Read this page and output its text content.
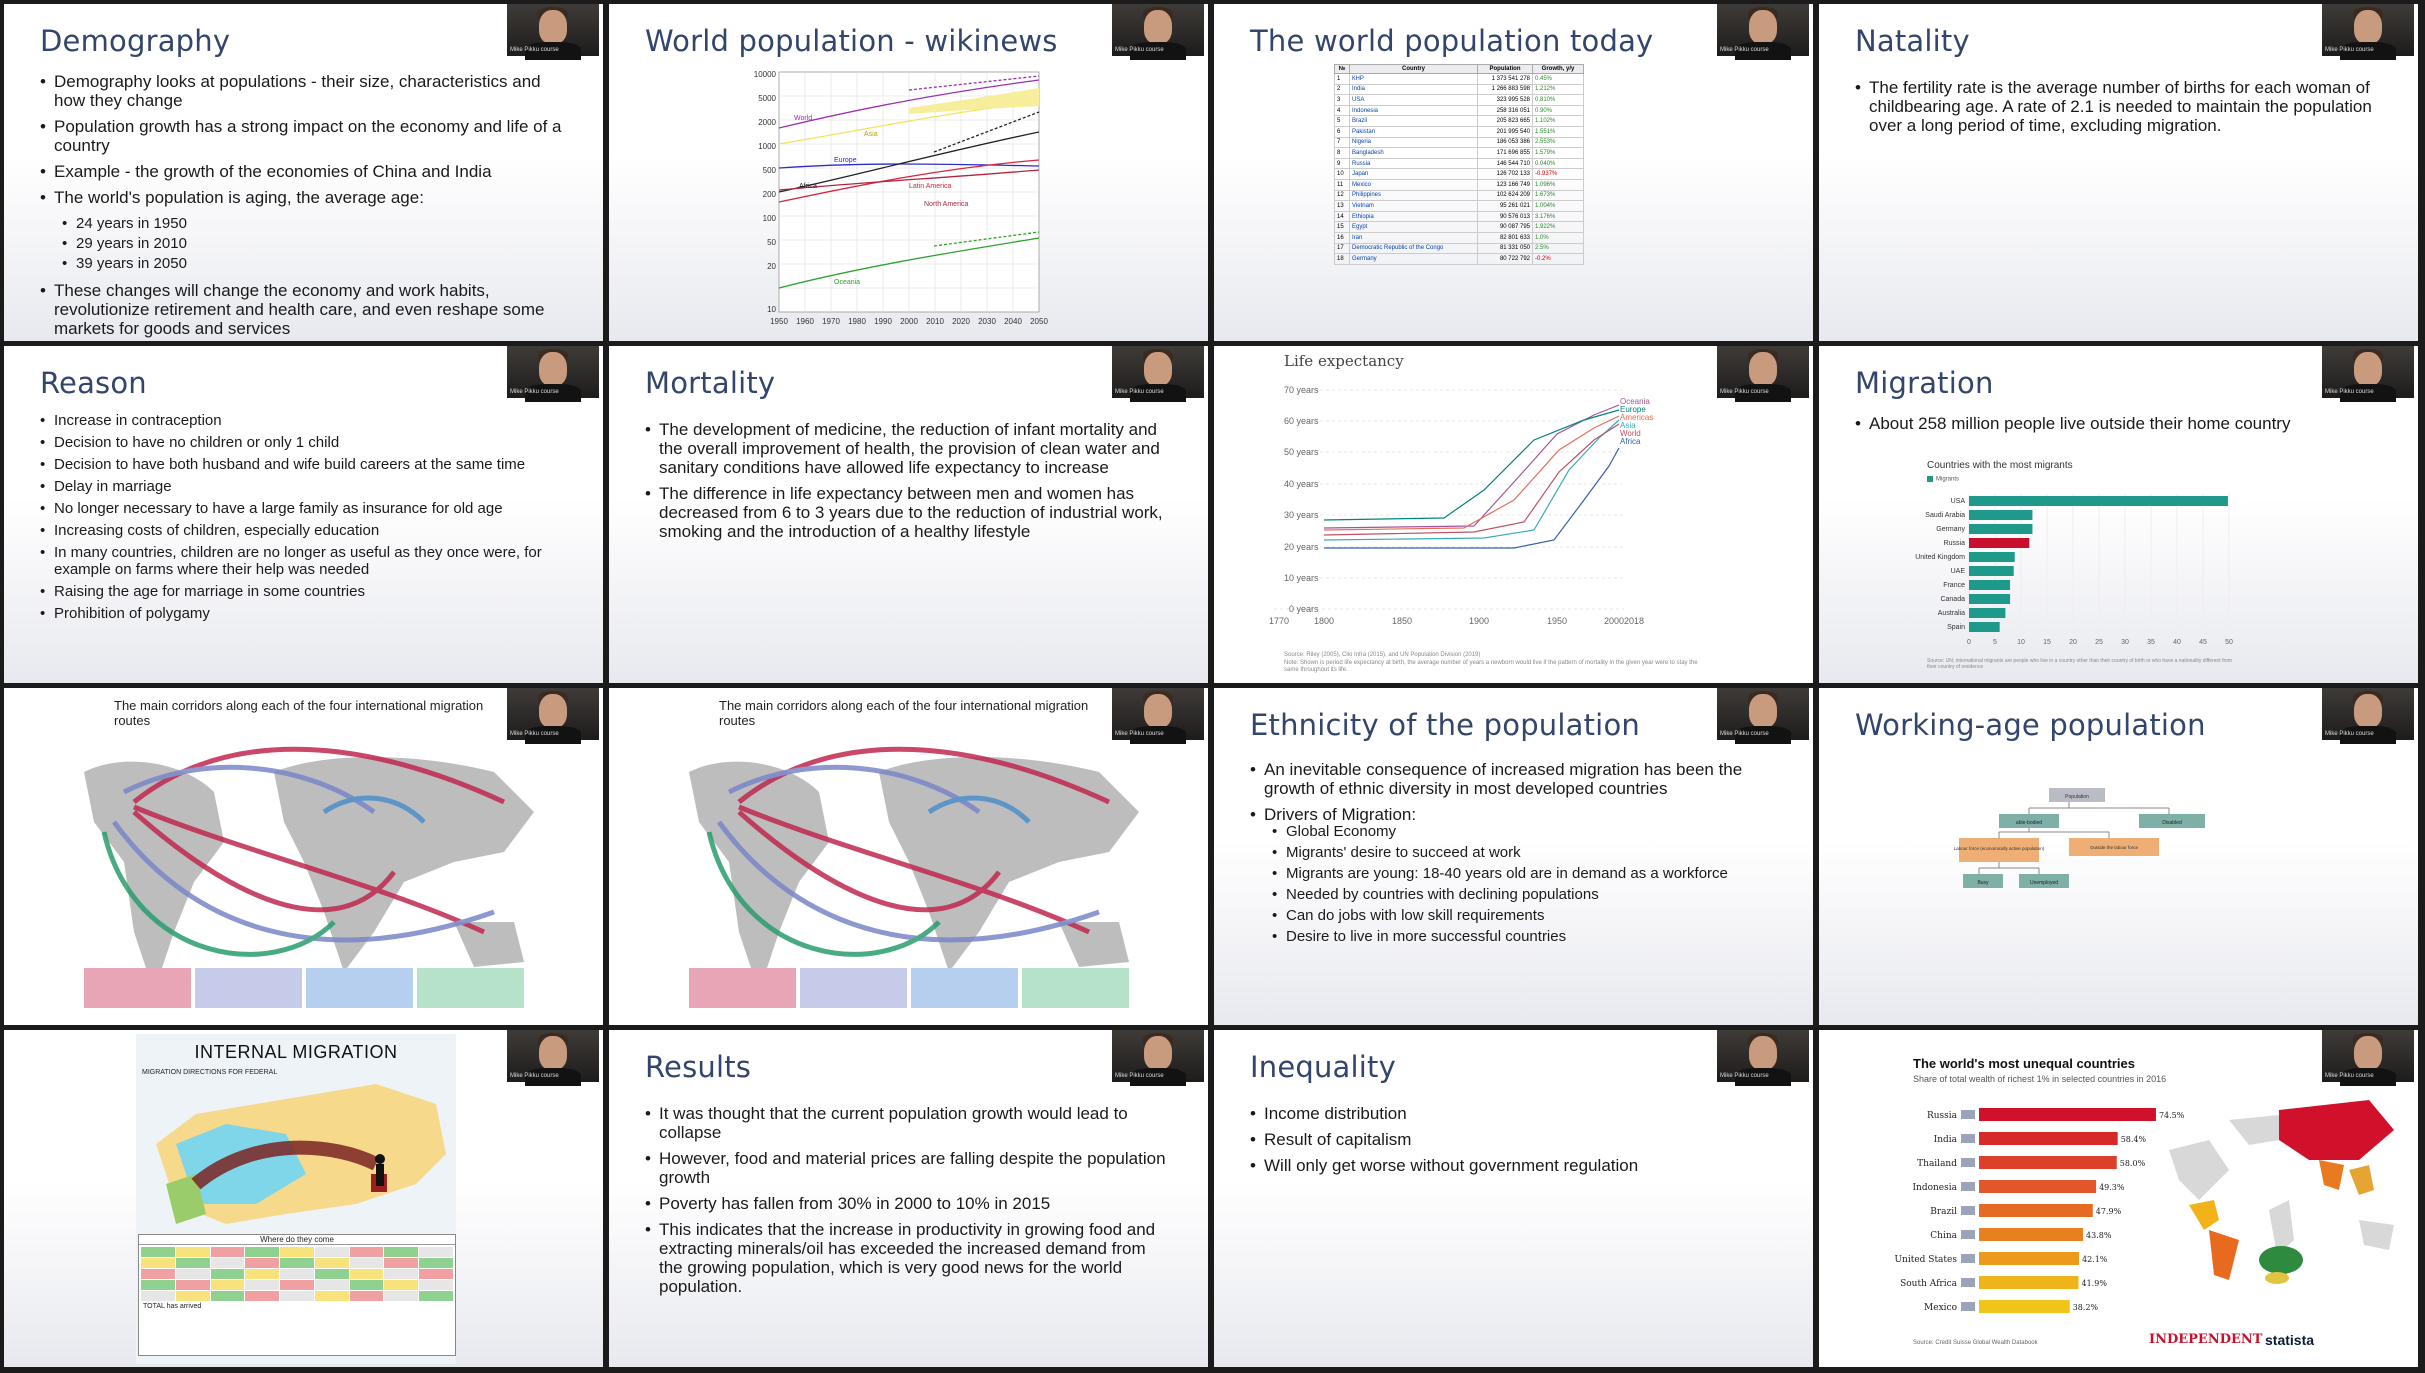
Demography	Mike Pikku course
• Demography looks at populations - their size, characteristics and how they change
• Population growth has a strong impact on the economy and life of a country
• Example - the growth of the economies of China and India
• The world's population is aging, the average age:
• 24 years in 1950
• 29 years in 2010
• 39 years in 2050
• These changes will change the economy and work habits, revolutionize retirement and health care, and even reshape some markets for goods and services
World population - wikinews	Mike Pikku course
10000
5000
2000
1000
500
200
100
50
20
10
1950 1960 1970 1980 1990 2000 2010 2020 2030 2040 2050
World
Asia
Europe
Africa	Latin America
North America
Oceania
The world population today	Mike Pikku course
№	Country	Population	Growth, y/y
1	КНР	1 373 541 278	0.45%
2	India	1 266 883 598	1.212%
3	USA	323 995 528	0.810%
4	Indonesia	258 316 051	0.90%
5	Brazil	205 823 665	1.102%
6	Pakistan	201 995 540	1.551%
7	Nigeria	186 053 386	2.553%
8	Bangladesh	171 696 855	1.579%
9	Russia	146 544 710	0.040%
10	Japan	126 702 133	-0.937%
11	Mexico	123 166 749	1.096%
12	Philippines	102 624 209	1.673%
13	Vietnam	95 261 021	1.004%
14	Ethiopia	90 576 013	3.176%
15	Egypt	90 087 795	1.922%
16	Iran	82 801 633	1.0%
17	Democratic Republic of the Congo	81 331 050	2.5%
18	Germany	80 722 792	-0.2%
Natality	Mike Pikku course
• The fertility rate is the average number of births for each woman of childbearing age. A rate of 2.1 is needed to maintain the population over a long period of time, excluding migration.
Reason	Mike Pikku course
• Increase in contraception
• Decision to have no children or only 1 child
• Decision to have both husband and wife build careers at the same time
• Delay in marriage
• No longer necessary to have a large family as insurance for old age
• Increasing costs of children, especially education
• In many countries, children are no longer as useful as they once were, for example on farms where their help was needed
• Raising the age for marriage in some countries
• Prohibition of polygamy
Mortality	Mike Pikku course
• The development of medicine, the reduction of infant mortality and the overall improvement of health, the provision of clean water and sanitary conditions have allowed life expectancy to increase
• The difference in life expectancy between men and women has decreased from 6 to 3 years due to the reduction of industrial work, smoking and the introduction of a healthy lifestyle
Life expectancy
Mike Pikku course
70 years
60 years
50 years
40 years
30 years
20 years
10 years
0 years
1770	1800	1850	1900	1950	2000 2018
Oceania
Europe
Americas
Asia
World
Africa
Source: Riley (2005), Clio Infra (2015), and UN Population Division (2019)
Note: Shown is period life expectancy at birth, the average number of years a newborn would live if the pattern of mortality in the given year were to stay the same throughout its life.
Migration	Mike Pikku course
• About 258 million people live outside their home country
Countries with the most migrants
Migrants
0	5	10	15	20	25	30	35	40	45	50
USA
Saudi Arabia
Germany
Russia
United Kingdom
UAE
France
Canada
Australia
Spain
Source: UN; international migrants are people who live in a country other than their country of birth or who have a nationality different from their country of residence
The main corridors along each of the four international migration routes
Mike Pikku course
The main corridors along each of the four international migration routes
Mike Pikku course	Ethnicity of the population	Mike Pikku course
• An inevitable consequence of increased migration has been the growth of ethnic diversity in most developed countries
• Drivers of Migration:
• Global Economy
• Migrants' desire to succeed at work
• Migrants are young: 18-40 years old are in demand as a workforce
• Needed by countries with declining populations
• Can do jobs with low skill requirements
• Desire to live in more successful countries
Working-age population	Mike Pikku course
Population
able-bodied	Disabled
Labour force (economically active population)	Outside the labour force
Busy	Unemployed
Mike Pikku course
INTERNAL MIGRATION
MIGRATION DIRECTIONS FOR FEDERAL
Where do they come
TOTAL has arrived
Results	Mike Pikku course
• It was thought that the current population growth would lead to collapse
• However, food and material prices are falling despite the population growth
• Poverty has fallen from 30% in 2000 to 10% in 2015
• This indicates that the increase in productivity in growing food and extracting minerals/oil has exceeded the increased demand from the growing population, which is very good news for the world population.
Inequality	Mike Pikku course
• Income distribution
• Result of capitalism
• Will only get worse without government regulation
The world's most unequal countries
Share of total wealth of richest 1% in selected countries in 2016	Mike Pikku course
Russia	74.5%
India	58.4%
Thailand	58.0%
Indonesia	49.3%
Brazil	47.9%
China	43.8%
United States	42.1%
South Africa	41.9%
Mexico	38.2%
Source: Credit Suisse Global Wealth Databook	INDEPENDENT statista
